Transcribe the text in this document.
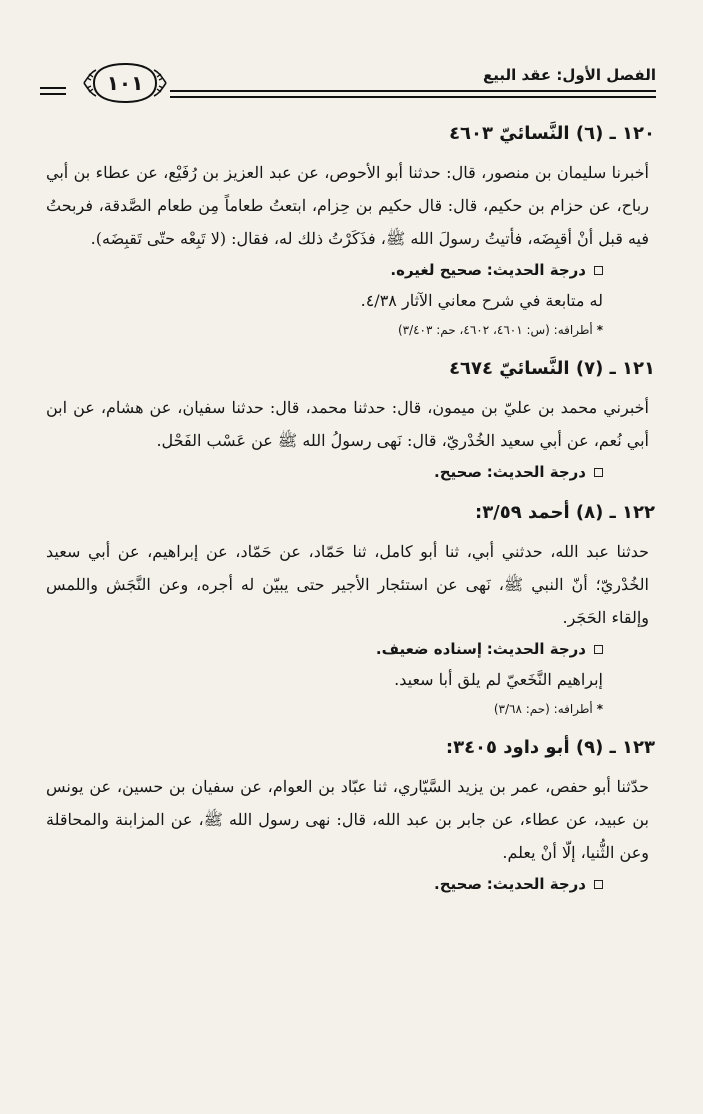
الفصل الأول: عقد البيع
١٠١
١٢٠ ـ (٦) النَّسائيّ ٤٦٠٣
أخبرنا سليمان بن منصور، قال: حدثنا أبو الأحوص، عن عبد العزيز بن رُفَيْع، عن عطاء بن أبي رباح، عن حزام بن حكيم، قال: قال حكيم بن حِزام، ابتعتُ طعاماً مِن طعام الصَّدقة، فربحتُ فيه قبل أنْ أقبِضَه، فأتيتُ رسولَ الله ﷺ، فذَكَرْتُ ذلك له، فقال: (لا تَبِعْه حتّى تَقبِضَه).
درجة الحديث: صحيح لغيره.
له متابعة في شرح معاني الآثار ٤/٣٨.
*أطرافه: (س: ٤٦٠١، ٤٦٠٢، حم: ٣/٤٠٣)
١٢١ ـ (٧) النَّسائيّ ٤٦٧٤
أخبرني محمد بن عليّ بن ميمون، قال: حدثنا محمد، قال: حدثنا سفيان، عن هشام، عن ابن أبي نُعم، عن أبي سعيد الخُدْريّ، قال: نَهى رسولُ الله ﷺ عن عَسْب الفَحْل.
درجة الحديث: صحيح.
١٢٢ ـ (٨) أحمد ٣/٥٩:
حدثنا عبد الله، حدثني أبي، ثنا أبو كامل، ثنا حَمّاد، عن حَمّاد، عن إبراهيم، عن أبي سعيد الخُدْريّ؛ أنّ النبي ﷺ، نَهى عن استئجار الأجير حتى يبيّن له أجره، وعن النَّجَش واللمس وإلقاء الحَجَر.
درجة الحديث: إسناده ضعيف.
إبراهيم النَّخَعيّ لم يلق أبا سعيد.
*أطرافه: (حم: ٣/٦٨)
١٢٣ ـ (٩) أبو داود ٣٤٠٥:
حدّثنا أبو حفص، عمر بن يزيد السَّيّاري، ثنا عبّاد بن العوام، عن سفيان بن حسين، عن يونس بن عبيد، عن عطاء، عن جابر بن عبد الله، قال: نهى رسول الله ﷺ، عن المزابنة والمحاقلة وعن الثُّنيا، إلّا أنْ يعلم.
درجة الحديث: صحيح.
